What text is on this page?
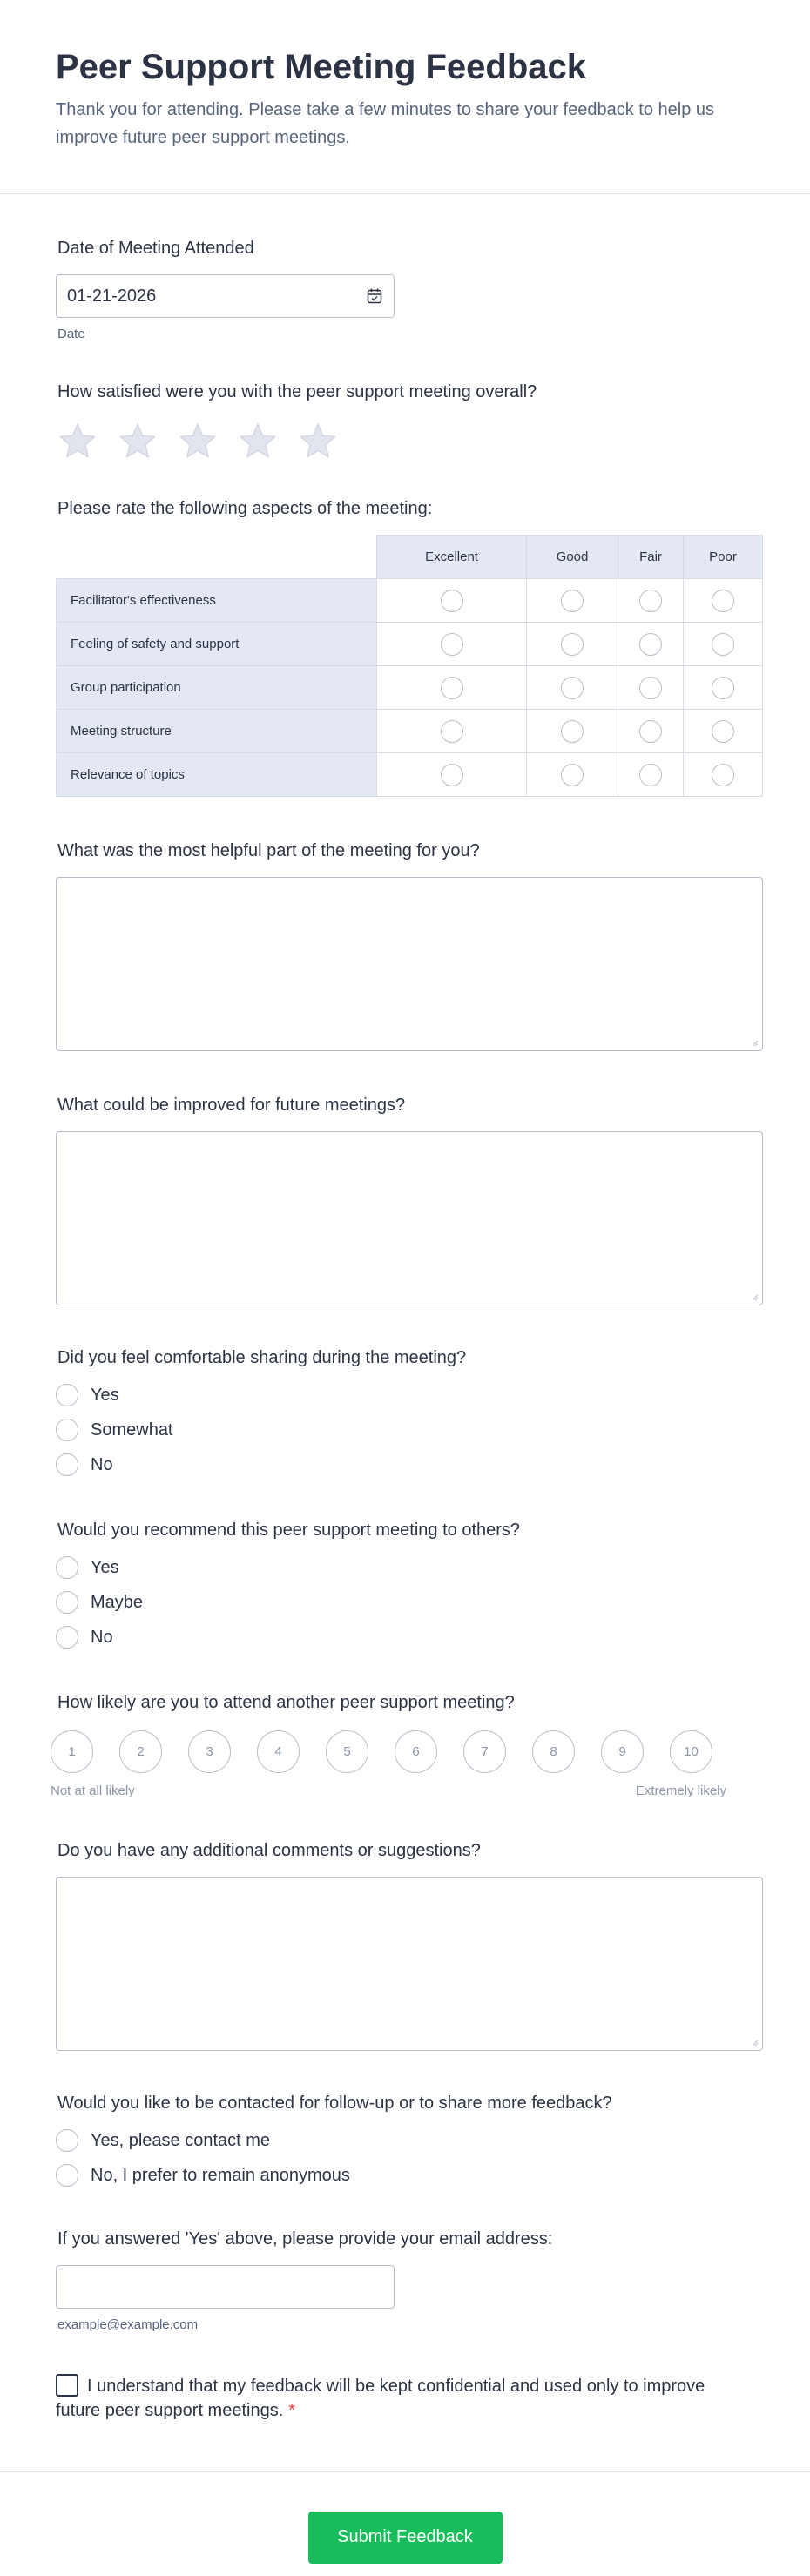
Peer Support Meeting Feedback

Thank you for attending. Please take a few minutes to share your feedback to help us improve future peer support meetings.

Date of Meeting Attended
01-21-2026
Date
How satisfied were you with the peer support meeting overall?
Please rate the following aspects of the meeting:
	Excellent	Good	Fair	Poor
Facilitator's effectiveness				
Feeling of safety and support				
Group participation				
Meeting structure				
Relevance of topics				
What was the most helpful part of the meeting for you?
What could be improved for future meetings?
Did you feel comfortable sharing during the meeting?
Yes
Somewhat
No
Would you recommend this peer support meeting to others?
Yes
Maybe
No
How likely are you to attend another peer support meeting?
1	2	3	4	5	6	7	8	9	10
Not at all likely	Extremely likely
Do you have any additional comments or suggestions?
Would you like to be contacted for follow-up or to share more feedback?
Yes, please contact me
No, I prefer to remain anonymous
If you answered 'Yes' above, please provide your email address:
example@example.com
I understand that my feedback will be kept confidential and used only to improve future peer support meetings. *
Submit Feedback
